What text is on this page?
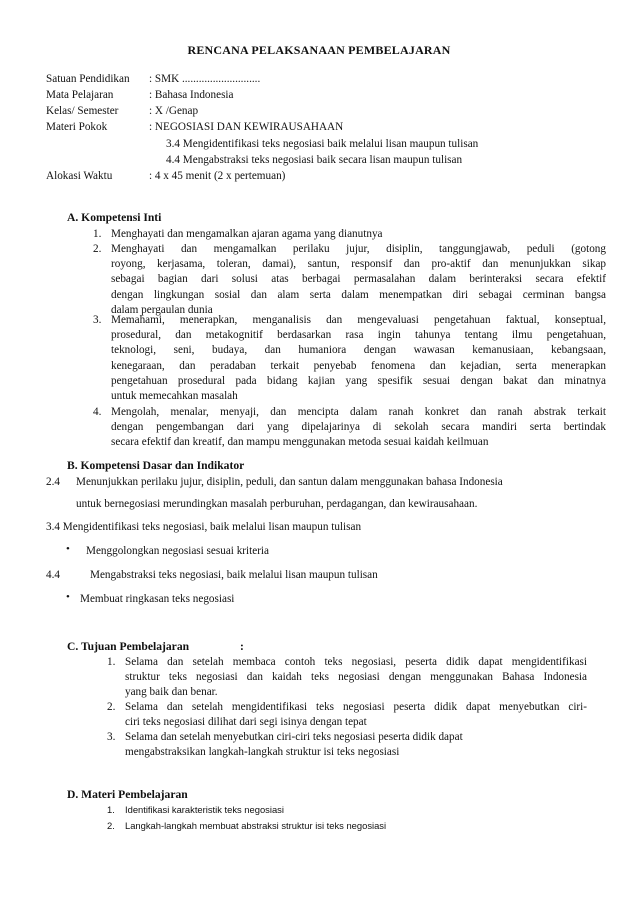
RENCANA PELAKSANAAN PEMBELAJARAN
Satuan Pendidikan : SMK ............................
Mata Pelajaran	: Bahasa Indonesia
Kelas/ Semester	: X /Genap
Materi Pokok	: NEGOSIASI DAN KEWIRAUSAHAAN
3.4 Mengidentifikasi teks negosiasi baik melalui lisan maupun tulisan
4.4 Mengabstraksi teks negosiasi baik secara lisan maupun tulisan
Alokasi Waktu	: 4 x 45 menit (2 x pertemuan)
A. Kompetensi Inti
1. Menghayati dan mengamalkan ajaran agama yang dianutnya
2. Menghayati dan mengamalkan perilaku jujur, disiplin, tanggungjawab, peduli (gotong
royong, kerjasama, toleran, damai), santun, responsif dan pro-aktif dan menunjukkan sikap
sebagai bagian dari solusi atas berbagai permasalahan dalam berinteraksi secara efektif
dengan lingkungan sosial dan alam serta dalam menempatkan diri sebagai cerminan bangsa
dalam pergaulan dunia
3. Memahami, menerapkan, menganalisis dan mengevaluasi pengetahuan faktual, konseptual,
prosedural, dan metakognitif berdasarkan rasa ingin tahunya tentang ilmu pengetahuan,
teknologi, seni, budaya, dan humaniora dengan wawasan kemanusiaan, kebangsaan,
kenegaraan, dan peradaban terkait penyebab fenomena dan kejadian, serta menerapkan
pengetahuan prosedural pada bidang kajian yang spesifik sesuai dengan bakat dan minatnya
untuk memecahkan masalah
4. Mengolah, menalar, menyaji, dan mencipta dalam ranah konkret dan ranah abstrak terkait
dengan pengembangan dari yang dipelajarinya di sekolah secara mandiri serta bertindak
secara efektif dan kreatif, dan mampu menggunakan metoda sesuai kaidah keilmuan
B. Kompetensi Dasar dan Indikator
2.4 Menunjukkan perilaku jujur, disiplin, peduli, dan santun dalam menggunakan bahasa Indonesia
untuk bernegosiasi merundingkan masalah perburuhan, perdagangan, dan kewirausahaan.
3.4 Mengidentifikasi teks negosiasi, baik melalui lisan maupun tulisan
• Menggolongkan negosiasi sesuai kriteria
4.4	Mengabstraksi teks negosiasi, baik melalui lisan maupun tulisan
• Membuat ringkasan teks negosiasi
C. Tujuan Pembelajaran	:
1. Selama dan setelah membaca contoh teks negosiasi, peserta didik dapat mengidentifikasi
struktur teks negosiasi dan kaidah teks negosiasi dengan menggunakan Bahasa Indonesia
yang baik dan benar.
2. Selama dan setelah mengidentifikasi teks negosiasi peserta didik dapat menyebutkan ciri-
ciri teks negosiasi dilihat dari segi isinya dengan tepat
3. Selama dan setelah menyebutkan ciri-ciri teks negosiasi peserta didik dapat
mengabstraksikan langkah-langkah struktur isi teks negosiasi
D. Materi Pembelajaran
1. Identifikasi karakteristik teks negosiasi
2. Langkah-langkah membuat abstraksi struktur isi teks negosiasi
